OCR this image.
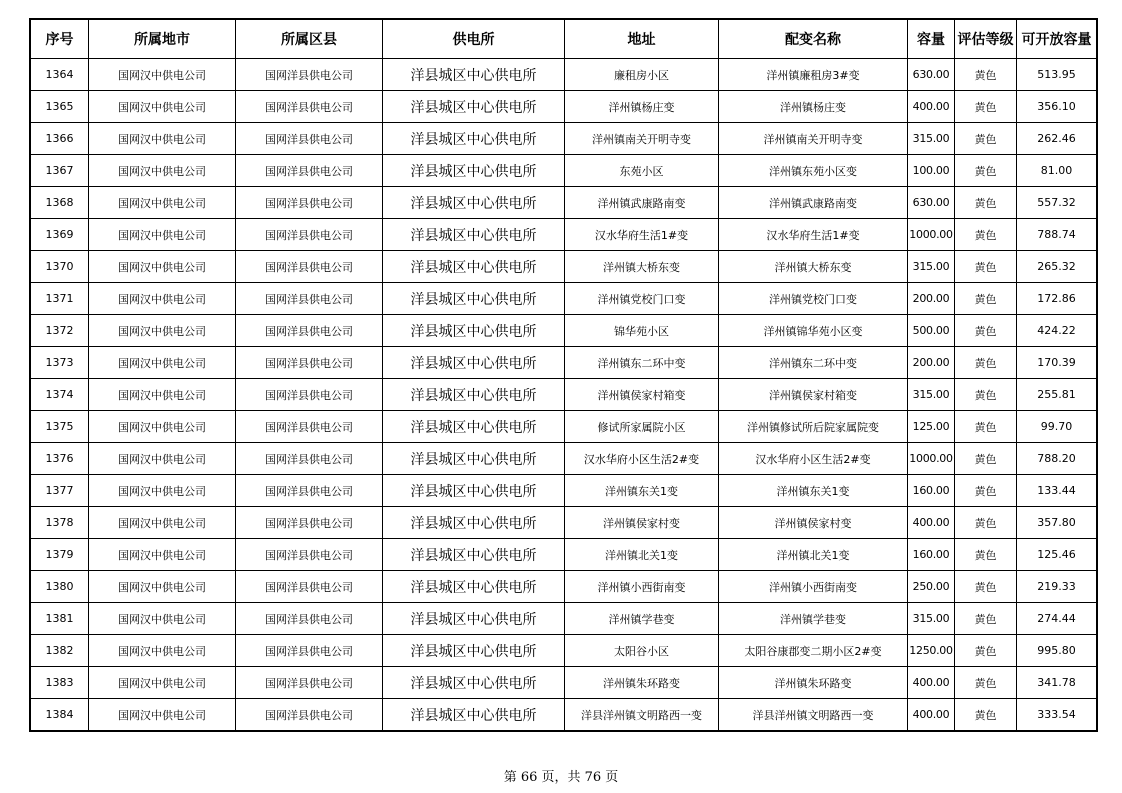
序号	所属地市	所属区县	供电所	地址	配变名称	容量	评估等级	可开放容量
1364	国网汉中供电公司	国网洋县供电公司	洋县城区中心供电所	廉租房小区	洋州镇廉租房3#变	630.00	黄色	513.95
1365	国网汉中供电公司	国网洋县供电公司	洋县城区中心供电所	洋州镇杨庄变	洋州镇杨庄变	400.00	黄色	356.10
1366	国网汉中供电公司	国网洋县供电公司	洋县城区中心供电所	洋州镇南关开明寺变	洋州镇南关开明寺变	315.00	黄色	262.46
1367	国网汉中供电公司	国网洋县供电公司	洋县城区中心供电所	东苑小区	洋州镇东苑小区变	100.00	黄色	81.00
1368	国网汉中供电公司	国网洋县供电公司	洋县城区中心供电所	洋州镇武康路南变	洋州镇武康路南变	630.00	黄色	557.32
1369	国网汉中供电公司	国网洋县供电公司	洋县城区中心供电所	汉水华府生活1#变	汉水华府生活1#变	1000.00	黄色	788.74
1370	国网汉中供电公司	国网洋县供电公司	洋县城区中心供电所	洋州镇大桥东变	洋州镇大桥东变	315.00	黄色	265.32
1371	国网汉中供电公司	国网洋县供电公司	洋县城区中心供电所	洋州镇党校门口变	洋州镇党校门口变	200.00	黄色	172.86
1372	国网汉中供电公司	国网洋县供电公司	洋县城区中心供电所	锦华苑小区	洋州镇锦华苑小区变	500.00	黄色	424.22
1373	国网汉中供电公司	国网洋县供电公司	洋县城区中心供电所	洋州镇东二环中变	洋州镇东二环中变	200.00	黄色	170.39
1374	国网汉中供电公司	国网洋县供电公司	洋县城区中心供电所	洋州镇侯家村箱变	洋州镇侯家村箱变	315.00	黄色	255.81
1375	国网汉中供电公司	国网洋县供电公司	洋县城区中心供电所	修试所家属院小区	洋州镇修试所后院家属院变	125.00	黄色	99.70
1376	国网汉中供电公司	国网洋县供电公司	洋县城区中心供电所	汉水华府小区生活2#变	汉水华府小区生活2#变	1000.00	黄色	788.20
1377	国网汉中供电公司	国网洋县供电公司	洋县城区中心供电所	洋州镇东关1变	洋州镇东关1变	160.00	黄色	133.44
1378	国网汉中供电公司	国网洋县供电公司	洋县城区中心供电所	洋州镇侯家村变	洋州镇侯家村变	400.00	黄色	357.80
1379	国网汉中供电公司	国网洋县供电公司	洋县城区中心供电所	洋州镇北关1变	洋州镇北关1变	160.00	黄色	125.46
1380	国网汉中供电公司	国网洋县供电公司	洋县城区中心供电所	洋州镇小西街南变	洋州镇小西街南变	250.00	黄色	219.33
1381	国网汉中供电公司	国网洋县供电公司	洋县城区中心供电所	洋州镇学巷变	洋州镇学巷变	315.00	黄色	274.44
1382	国网汉中供电公司	国网洋县供电公司	洋县城区中心供电所	太阳谷小区	太阳谷康郡变二期小区2#变	1250.00	黄色	995.80
1383	国网汉中供电公司	国网洋县供电公司	洋县城区中心供电所	洋州镇朱环路变	洋州镇朱环路变	400.00	黄色	341.78
1384	国网汉中供电公司	国网洋县供电公司	洋县城区中心供电所	洋县洋州镇文明路西一变	洋县洋州镇文明路西一变	400.00	黄色	333.54
第 66 页，共 76 页
